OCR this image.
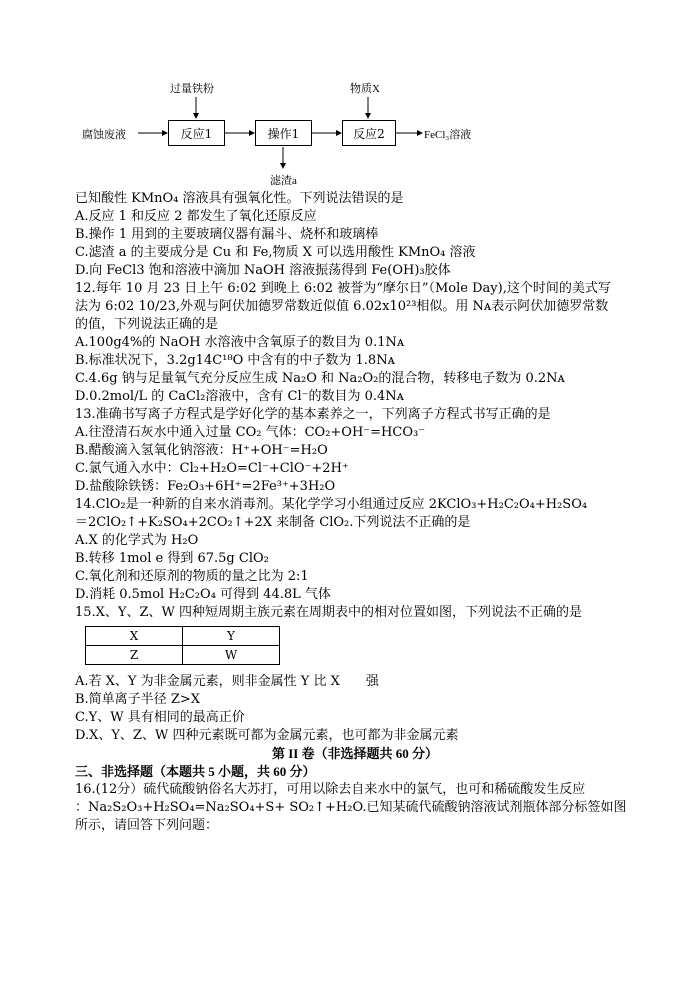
腐蚀废液
过量铁粉
反应1	操作1
滤渣a
物质X
反应2	FeCl₃溶液
已知酸性 KMnO₄ 溶液具有强氧化性。下列说法错误的是
A.反应 1 和反应 2 都发生了氧化还原反应
B.操作 1 用到的主要玻璃仪器有漏斗、烧杯和玻璃棒
C.滤渣 a 的主要成分是 Cu 和 Fe,物质 X 可以选用酸性 KMnO₄ 溶液
D.向 FeCl3 饱和溶液中滴加 NaOH 溶液振荡得到 Fe(OH)₃胶体
12.每年 10 月 23 日上午 6:02 到晚上 6:02 被誉为“摩尔日”（Mole Day),这个时间的美式写
法为 6:02 10/23,外观与阿伏加德罗常数近似值 6.02x10²³相似。用 Nᴀ表示阿伏加德罗常数
的值，下列说法正确的是
A.100g4%的 NaOH 水溶液中含氧原子的数目为 0.1Nᴀ
B.标准状况下，3.2g14C¹⁸O 中含有的中子数为 1.8Nᴀ
C.4.6g 钠与足量氧气充分反应生成 Na₂O 和 Na₂O₂的混合物，转移电子数为 0.2Nᴀ
D.0.2mol/L 的 CaCl₂溶液中，含有 Cl⁻的数目为 0.4Nᴀ
13.准确书写离子方程式是学好化学的基本素养之一，下列离子方程式书写正确的是
A.往澄清石灰水中通入过量 CO₂ 气体：CO₂+OH⁻=HCO₃⁻
B.醋酸滴入氢氧化钠溶液：H⁺+OH⁻=H₂O
C.氯气通入水中：Cl₂+H₂O=Cl⁻+ClO⁻+2H⁺
D.盐酸除铁锈：Fe₂O₃+6H⁺=2Fe³⁺+3H₂O
14.ClO₂是一种新的自来水消毒剂。某化学学习小组通过反应 2KClO₃+H₂C₂O₄+H₂SO₄
＝2ClO₂↑+K₂SO₄+2CO₂↑+2X 来制备 ClO₂.下列说法不正确的是
A.X 的化学式为 H₂O
B.转移 1mol e 得到 67.5g ClO₂
C.氧化剂和还原剂的物质的量之比为 2:1
D.消耗 0.5mol H₂C₂O₄ 可得到 44.8L 气体
15.X、Y、Z、W 四种短周期主族元素在周期表中的相对位置如图，下列说法不正确的是
X	Y
Z	W
A.若 X、Y 为非金属元素，则非金属性 Y 比 X　　强
B.简单离子半径 Z>X
C.Y、W 具有相同的最高正价
D.X、Y、Z、W 四种元素既可都为金属元素，也可都为非金属元素
第 II 卷（非选择题共 60 分）
三、非选择题（本题共 5 小题，共 60 分）
16.(12分）硫代硫酸钠俗名大苏打，可用以除去自来水中的氯气，也可和稀硫酸发生反应
：Na₂S₂O₃+H₂SO₄=Na₂SO₄+S+ SO₂↑+H₂O.已知某硫代硫酸钠溶液试剂瓶体部分标签如图
所示，请回答下列问题：
